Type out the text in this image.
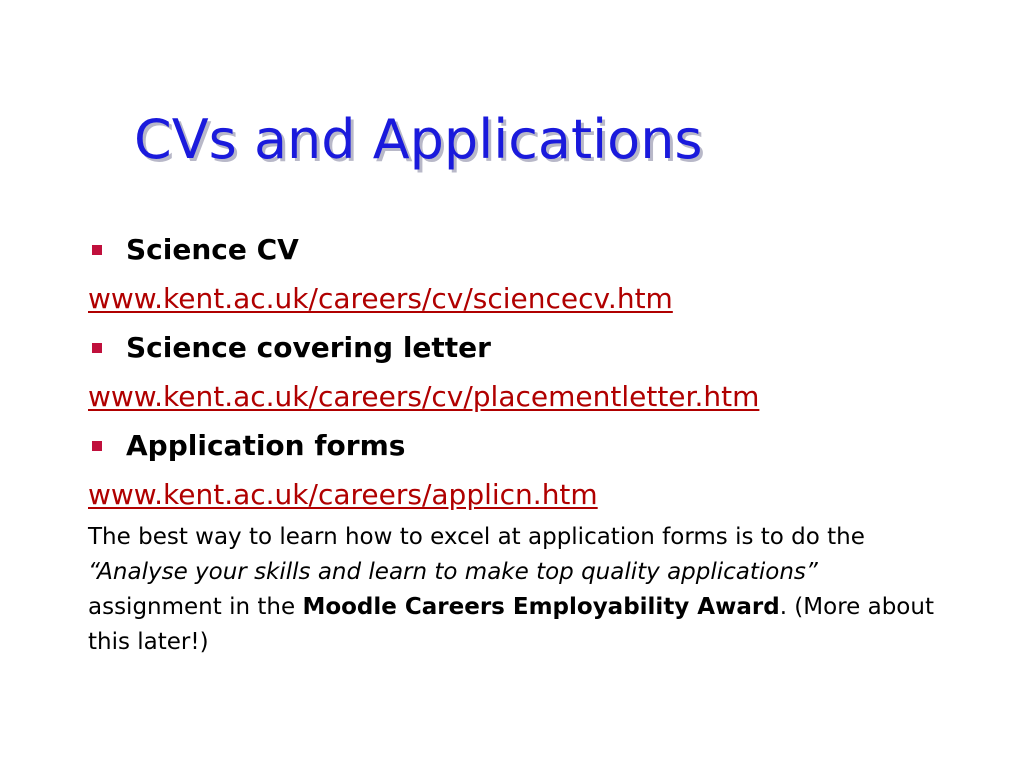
CVs and Applications
Science CV
www.kent.ac.uk/careers/cv/sciencecv.htm
Science covering letter
www.kent.ac.uk/careers/cv/placementletter.htm
Application forms
www.kent.ac.uk/careers/applicn.htm

The best way to learn how to excel at application forms is to do the “Analyse your skills and learn to make top quality applications” assignment in the Moodle Careers Employability Award. (More about this later!)
